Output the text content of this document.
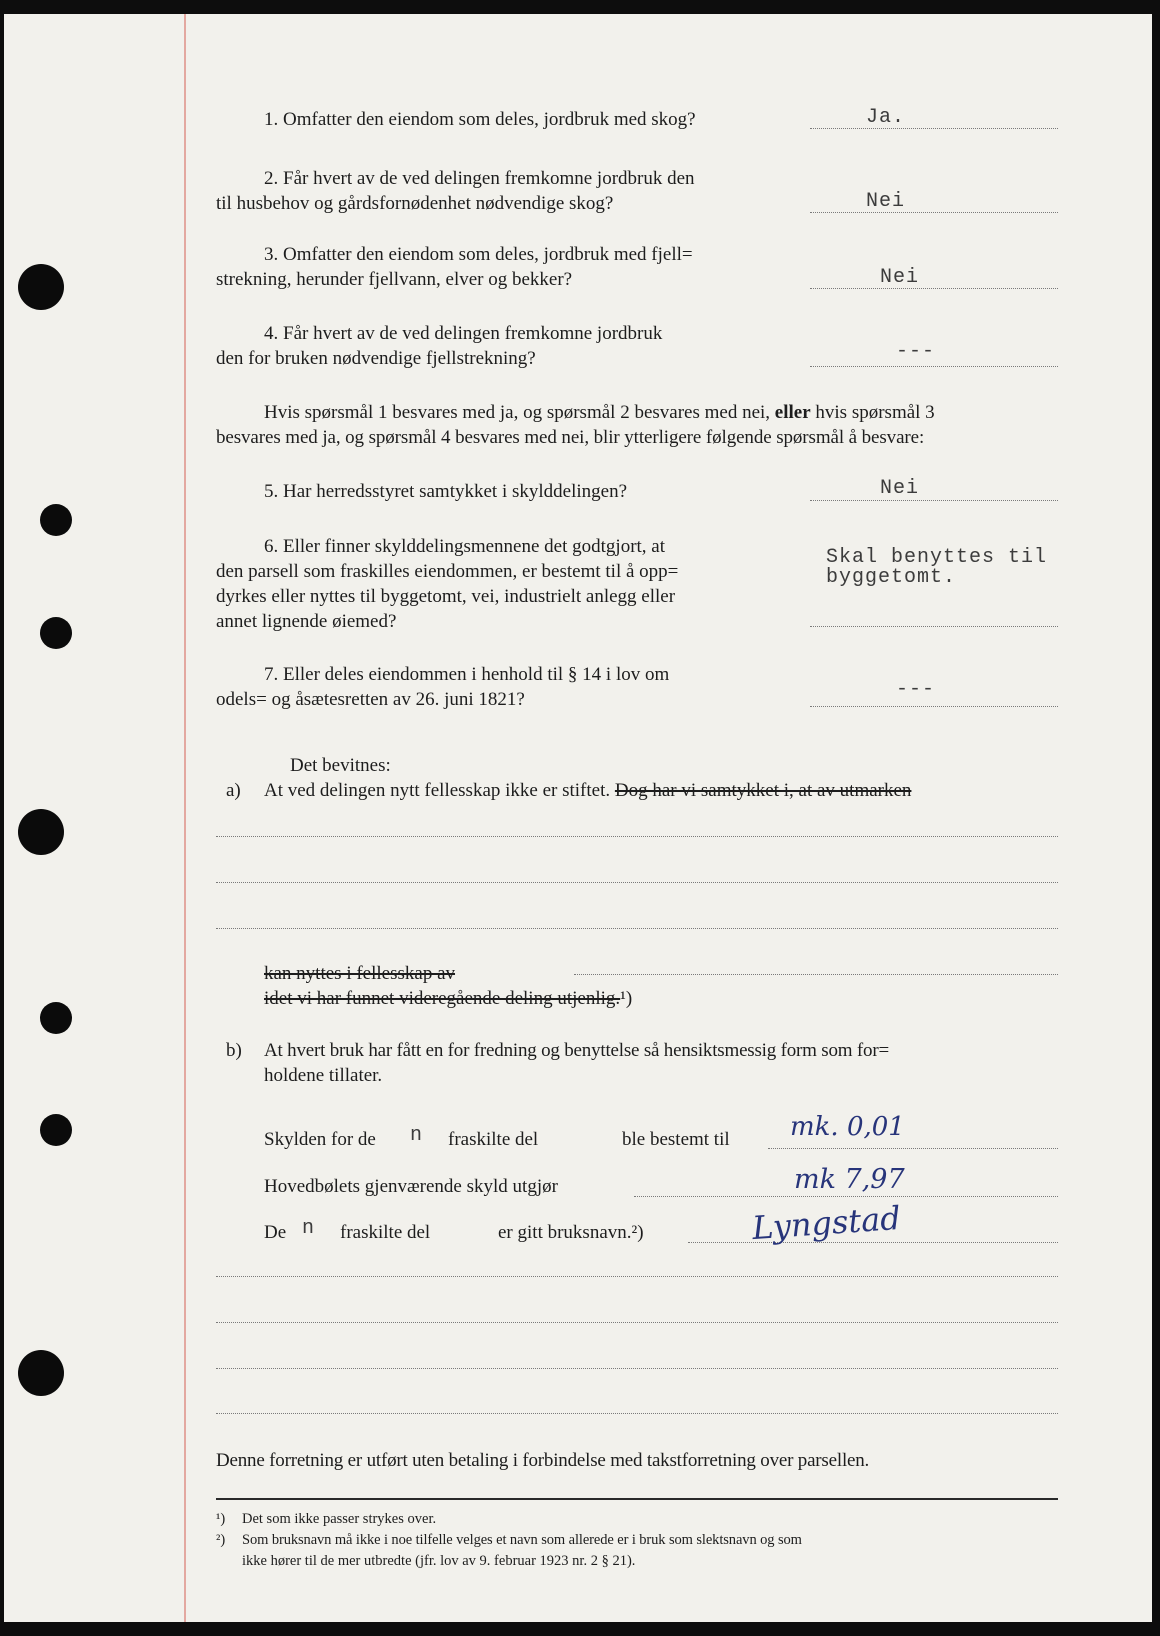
1. Omfatter den eiendom som deles, jordbruk med skog?	Ja.
2. Får hvert av de ved delingen fremkomne jordbruk den
til husbehov og gårdsfornødenhet nødvendige skog?	Nei
3. Omfatter den eiendom som deles, jordbruk med fjell=
strekning, herunder fjellvann, elver og bekker?	Nei
4. Får hvert av de ved delingen fremkomne jordbruk
den for bruken nødvendige fjellstrekning?	---
Hvis spørsmål 1 besvares med ja, og spørsmål 2 besvares med nei, eller hvis spørsmål 3
besvares med ja, og spørsmål 4 besvares med nei, blir ytterligere følgende spørsmål å besvare:
5. Har herredsstyret samtykket i skylddelingen?	Nei
6. Eller finner skylddelingsmennene det godtgjort, at
den parsell som fraskilles eiendommen, er bestemt til å opp=
dyrkes eller nyttes til byggetomt, vei, industrielt anlegg eller
annet lignende øiemed?
Skal benyttes til
byggetomt.
7. Eller deles eiendommen i henhold til § 14 i lov om
odels= og åsætesretten av 26. juni 1821?	---
Det bevitnes:
a) At ved delingen nytt fellesskap ikke er stiftet. Dog har vi samtykket i, at av utmarken
kan nyttes i fellesskap av
idet vi har funnet videregående deling utjenlig.¹)
b) At hvert bruk har fått en for fredning og benyttelse så hensiktsmessig form som for=
holdene tillater.
Skylden for de n fraskilte del	ble bestemt til mk. 0,01
Hovedbølets gjenværende skyld utgjør	mk 7,97
De n fraskilte del	er gitt bruksnavn.²)	Lyngstad
Denne forretning er utført uten betaling i forbindelse med takstforretning over parsellen.
¹) Det som ikke passer strykes over.
²) Som bruksnavn må ikke i noe tilfelle velges et navn som allerede er i bruk som slektsnavn og som
ikke hører til de mer utbredte (jfr. lov av 9. februar 1923 nr. 2 § 21).
